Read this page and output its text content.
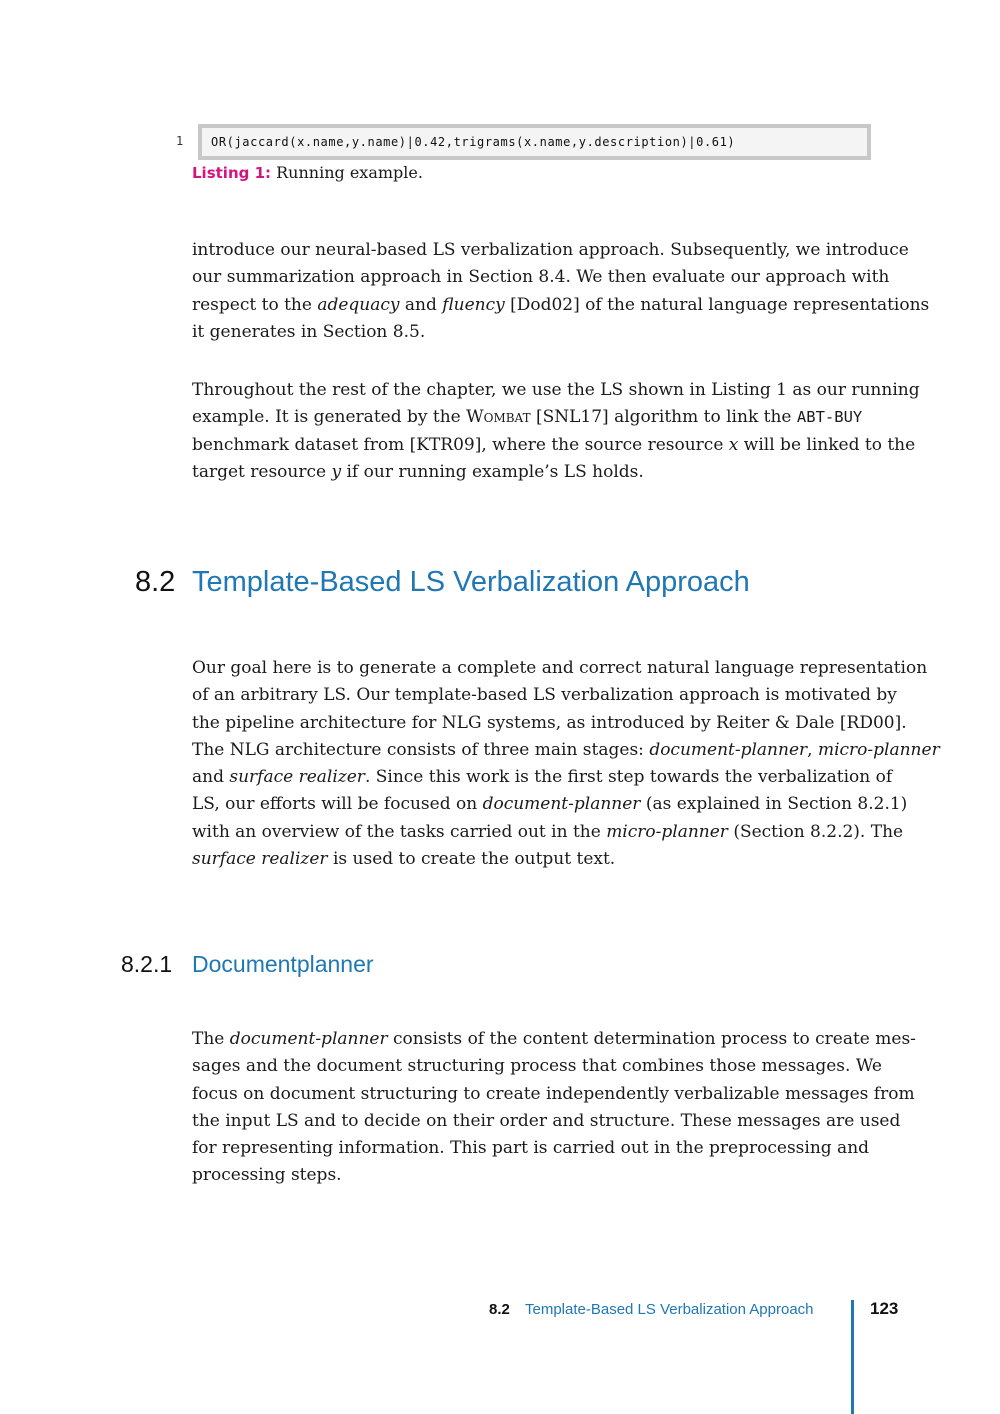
1	OR(jaccard(x.name,y.name)|0.42,trigrams(x.name,y.description)|0.61)
Listing 1: Running example.
introduce our neural-based LS verbalization approach. Subsequently, we introduce
our summarization approach in Section 8.4. We then evaluate our approach with
respect to the adequacy and fluency [Dod02] of the natural language representations
it generates in Section 8.5.
Throughout the rest of the chapter, we use the LS shown in Listing 1 as our running
example. It is generated by the Wombat [SNL17] algorithm to link the ABT-BUY
benchmark dataset from [KTR09], where the source resource x will be linked to the
target resource y if our running example’s LS holds.
8.2 Template-Based LS Verbalization Approach
Our goal here is to generate a complete and correct natural language representation
of an arbitrary LS. Our template-based LS verbalization approach is motivated by
the pipeline architecture for NLG systems, as introduced by Reiter & Dale [RD00].
The NLG architecture consists of three main stages: document-planner, micro-planner
and surface realizer. Since this work is the first step towards the verbalization of
LS, our efforts will be focused on document-planner (as explained in Section 8.2.1)
with an overview of the tasks carried out in the micro-planner (Section 8.2.2). The
surface realizer is used to create the output text.
8.2.1 Documentplanner
The document-planner consists of the content determination process to create mes-
sages and the document structuring process that combines those messages. We
focus on document structuring to create independently verbalizable messages from
the input LS and to decide on their order and structure. These messages are used
for representing information. This part is carried out in the preprocessing and
processing steps.
8.2 Template-Based LS Verbalization Approach	123
